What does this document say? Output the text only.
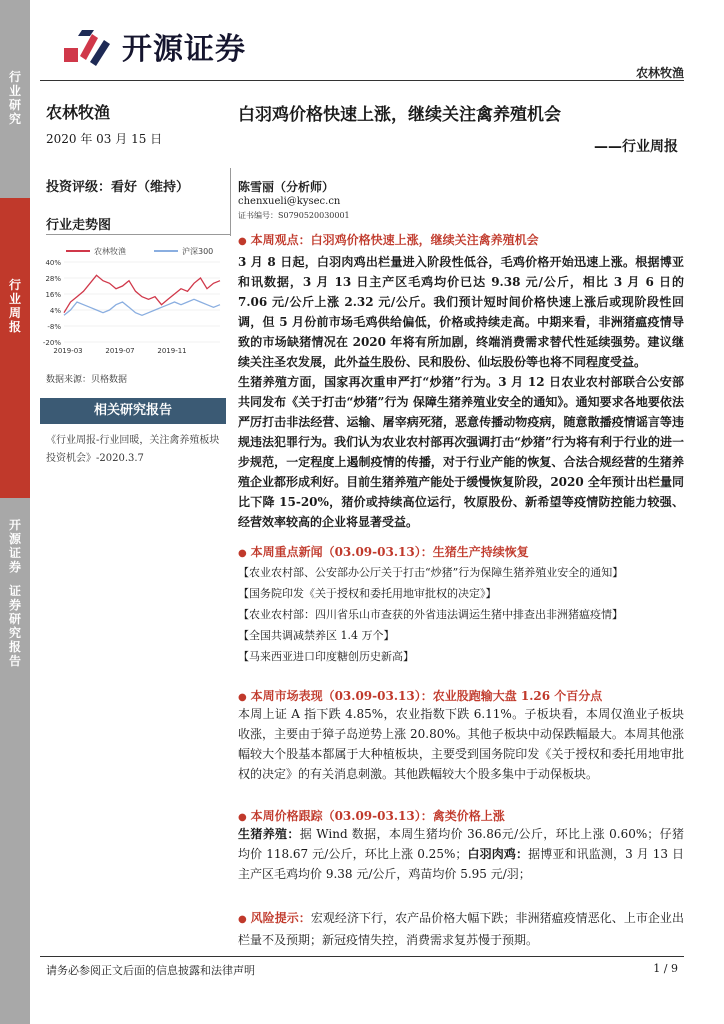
开源证券
农林牧渔
行
业
研
究
行
业
周
报
开
源
证
券
证
券
研
究
报
告
农林牧渔
2020 年 03 月 15 日
投资评级：看好（维持）
行业走势图
农林牧渔	沪深300
40%
28%
16%
4%
-8%
-20%
2019-03	2019-07	2019-11
数据来源：贝格数据
相关研究报告
《行业周报-行业回暖，关注禽养殖板块投资机会》-2020.3.7
白羽鸡价格快速上涨，继续关注禽养殖机会
——行业周报
陈雪丽（分析师）
chenxueli@kysec.cn
证书编号：S0790520030001
● 本周观点：白羽鸡价格快速上涨，继续关注禽养殖机会
3 月 8 日起，白羽肉鸡出栏量进入阶段性低谷，毛鸡价格开始迅速上涨。根据博亚和讯数据，3 月 13 日主产区毛鸡均价已达 9.38 元/公斤，相比 3 月 6 日的 7.06 元/公斤上涨 2.32 元/公斤。我们预计短时间价格快速上涨后或现阶段性回调，但 5 月份前市场毛鸡供给偏低，价格或持续走高。中期来看，非洲猪瘟疫情导致的市场缺猪情况在 2020 年将有所加剧，终端消费需求替代性延续强势。建议继续关注圣农发展，此外益生股份、民和股份、仙坛股份等也将不同程度受益。
生猪养殖方面，国家再次重申严打“炒猪”行为。3 月 12 日农业农村部联合公安部共同发布《关于打击“炒猪”行为 保障生猪养殖业安全的通知》。通知要求各地要依法严厉打击非法经营、运输、屠宰病死猪，恶意传播动物疫病，随意散播疫情谣言等违规违法犯罪行为。我们认为农业农村部再次强调打击“炒猪”行为将有利于行业的进一步规范，一定程度上遏制疫情的传播，对于行业产能的恢复、合法合规经营的生猪养殖企业都形成利好。目前生猪养殖产能处于缓慢恢复阶段，2020 全年预计出栏量同比下降 15-20%，猪价或持续高位运行，牧原股份、新希望等疫情防控能力较强、经营效率较高的企业将显著受益。
● 本周重点新闻（03.09-03.13）：生猪生产持续恢复

【农业农村部、公安部办公厅关于打击“炒猪”行为保障生猪养殖业安全的通知】

【国务院印发《关于授权和委托用地审批权的决定》】

【农业农村部：四川省乐山市查获的外省违法调运生猪中排查出非洲猪瘟疫情】

【全国共调减禁养区 1.4 万个】

【马来西亚进口印度糖创历史新高】

● 本周市场表现（03.09-03.13）：农业股跑输大盘 1.26 个百分点
本周上证 A 指下跌 4.85%，农业指数下跌 6.11%。子板块看，本周仅渔业子板块收涨，主要由于獐子岛逆势上涨 20.80%。其他子板块中动保跌幅最大。本周其他涨幅较大个股基本都属于大种植板块，主要受到国务院印发《关于授权和委托用地审批权的决定》的有关消息刺激。其他跌幅较大个股多集中于动保板块。
● 本周价格跟踪（03.09-03.13）：禽类价格上涨
生猪养殖：据 Wind 数据，本周生猪均价 36.86元/公斤，环比上涨 0.60%；仔猪均价 118.67 元/公斤，环比上涨 0.25%；白羽肉鸡：据博亚和讯监测，3 月 13 日主产区毛鸡均价 9.38 元/公斤，鸡苗均价 5.95 元/羽；
● 风险提示：宏观经济下行，农产品价格大幅下跌；非洲猪瘟疫情恶化、上市企业出栏量不及预期；新冠疫情失控，消费需求复苏慢于预期。
请务必参阅正文后面的信息披露和法律声明	1 / 9
